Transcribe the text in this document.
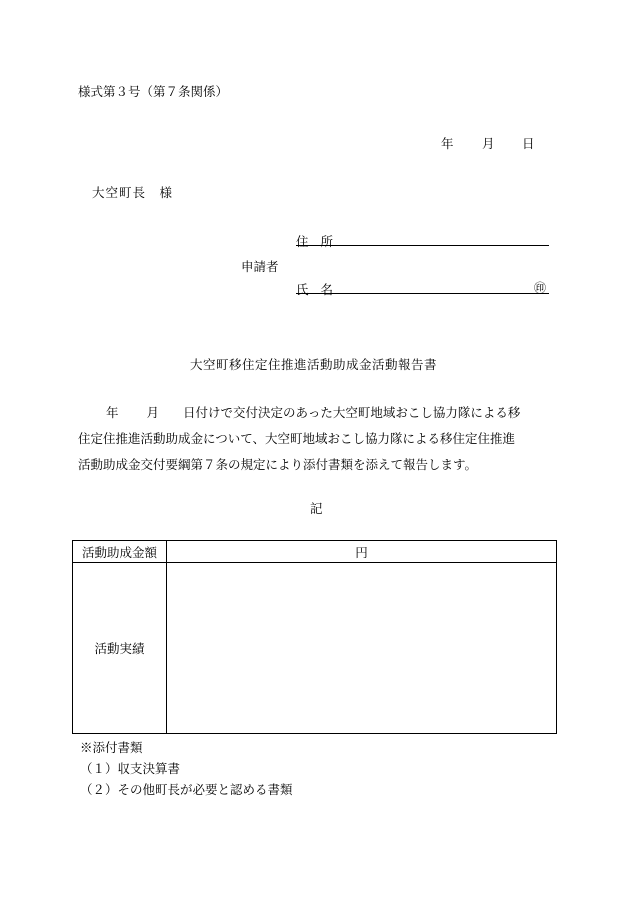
様式第３号（第７条関係）
年 月 日
大空町長　様
住所
申請者
氏名	㊞
大空町移住定住推進活動助成金活動報告書
年 月 日付けで交付決定のあった大空町地域おこし協力隊による移
住定住推進活動助成金について、大空町地域おこし協力隊による移住定住推進
活動助成金交付要綱第７条の規定により添付書類を添えて報告します。
記
活動助成金額	円
活動実績	
※添付書類
（１）収支決算書
（２）その他町長が必要と認める書類
